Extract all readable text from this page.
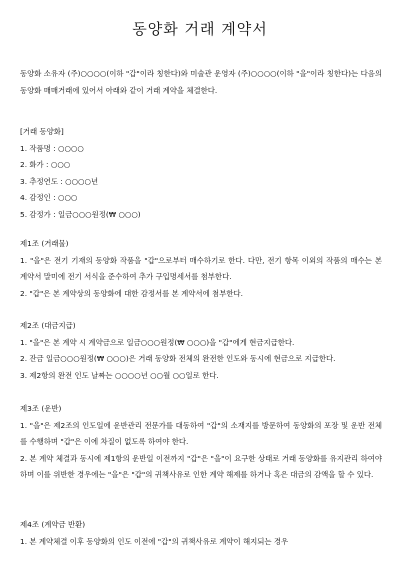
동양화 거래 계약서
동양화 소유자 (주)○○○○(이하 "갑"이라 칭한다)와 미술관 운영자 (주)○○○○(이하 "을"이라 칭한다)는 다음의 동양화 매매거래에 있어서 아래와 같이 거래 계약을 체결한다.
[거래 동양화]
1. 작품명 : ○○○○
2. 화가 : ○○○
3. 추정연도 : ○○○○년
4. 감정인 : ○○○
5. 감정가 : 일금○○○원정(₩ ○○○)
제1조 (거래물)
1. "을"은 전기 기재의 동양화 작품을 "갑"으로부터 매수하기로 한다. 다만, 전기 항목 이외의 작품의 매수는 본 계약서 말미에 전기 서식을 준수하여 추가 구입명세서를 첨부한다.
2. "갑"은 본 계약상의 동양화에 대한 감정서를 본 계약서에 첨부한다.
제2조 (대금지급)
1. "을"은 본 계약 시 계약금으로 일금○○○원정(₩ ○○○)을 "갑"에게 현금지급한다.
2. 잔금 일금○○○원정(₩ ○○○)은 거래 동양화 전체의 완전한 인도와 동시에 현금으로 지급한다.
3. 제2항의 완전 인도 날짜는 ○○○○년 ○○월 ○○일로 한다.
제3조 (운반)
1. "을"은 제2조의 인도일에 운반관리 전문가를 대동하여 "갑"의 소재지를 방문하여 동양화의 포장 및 운반 전체를 수행하며 "갑"은 이에 차질이 없도록 하여야 한다.
2. 본 계약 체결과 동시에 제1항의 운반일 이전까지 "갑"은 "을"이 요구한 상태로 거래 동양화를 유지관리 하여야 하며 이를 위반한 경우에는 "을"은 "갑"의 귀책사유로 인한 계약 해제를 하거나 혹은 대금의 감액을 할 수 있다.
제4조 (계약금 반환)
1. 본 계약체결 이후 동양화의 인도 이전에 "갑"의 귀책사유로 계약이 해지되는 경우
